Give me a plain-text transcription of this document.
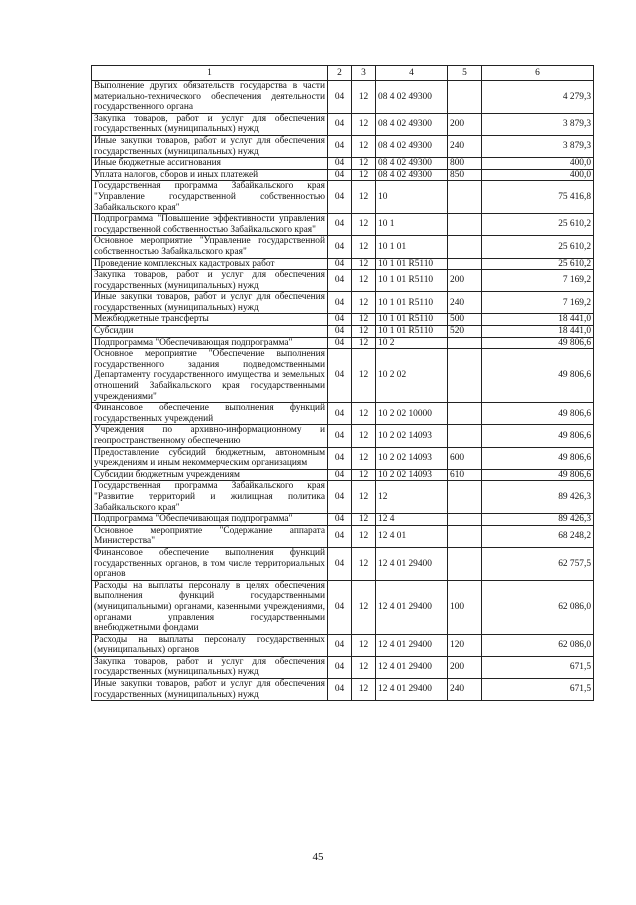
1	2	3	4	5	6
Выполнение других обязательств государства в части материально-технического обеспечения деятельности государственного органа	04	12	08 4 02 49300		4 279,3
Закупка товаров, работ и услуг для обеспечения государственных (муниципальных) нужд	04	12	08 4 02 49300	200	3 879,3
Иные закупки товаров, работ и услуг для обеспечения государственных (муниципальных) нужд	04	12	08 4 02 49300	240	3 879,3
Иные бюджетные ассигнования	04	12	08 4 02 49300	800	400,0
Уплата налогов, сборов и иных платежей	04	12	08 4 02 49300	850	400,0
Государственная программа Забайкальского края "Управление государственной собственностью Забайкальского края"	04	12	10		75 416,8
Подпрограмма "Повышение эффективности управления государственной собственностью Забайкальского края"	04	12	10 1		25 610,2
Основное мероприятие "Управление государственной собственностью Забайкальского края"	04	12	10 1 01		25 610,2
Проведение комплексных кадастровых работ	04	12	10 1 01 R5110		25 610,2
Закупка товаров, работ и услуг для обеспечения государственных (муниципальных) нужд	04	12	10 1 01 R5110	200	7 169,2
Иные закупки товаров, работ и услуг для обеспечения государственных (муниципальных) нужд	04	12	10 1 01 R5110	240	7 169,2
Межбюджетные трансферты	04	12	10 1 01 R5110	500	18 441,0
Субсидии	04	12	10 1 01 R5110	520	18 441,0
Подпрограмма "Обеспечивающая подпрограмма"	04	12	10 2		49 806,6
Основное мероприятие "Обеспечение выполнения государственного задания подведомственными Департаменту государственного имущества и земельных отношений Забайкальского края государственными учреждениями"	04	12	10 2 02		49 806,6
Финансовое обеспечение выполнения функций государственных учреждений	04	12	10 2 02 10000		49 806,6
Учреждения по архивно-информационному и геопространственному обеспечению	04	12	10 2 02 14093		49 806,6
Предоставление субсидий бюджетным, автономным учреждениям и иным некоммерческим организациям	04	12	10 2 02 14093	600	49 806,6
Субсидии бюджетным учреждениям	04	12	10 2 02 14093	610	49 806,6
Государственная программа Забайкальского края "Развитие территорий и жилищная политика Забайкальского края"	04	12	12		89 426,3
Подпрограмма "Обеспечивающая подпрограмма"	04	12	12 4		89 426,3
Основное мероприятие "Содержание аппарата Министерства"	04	12	12 4 01		68 248,2
Финансовое обеспечение выполнения функций государственных органов, в том числе территориальных органов	04	12	12 4 01 29400		62 757,5
Расходы на выплаты персоналу в целях обеспечения выполнения функций государственными (муниципальными) органами, казенными учреждениями, органами управления государственными внебюджетными фондами	04	12	12 4 01 29400	100	62 086,0
Расходы на выплаты персоналу государственных (муниципальных) органов	04	12	12 4 01 29400	120	62 086,0
Закупка товаров, работ и услуг для обеспечения государственных (муниципальных) нужд	04	12	12 4 01 29400	200	671,5
Иные закупки товаров, работ и услуг для обеспечения государственных (муниципальных) нужд	04	12	12 4 01 29400	240	671,5
45
